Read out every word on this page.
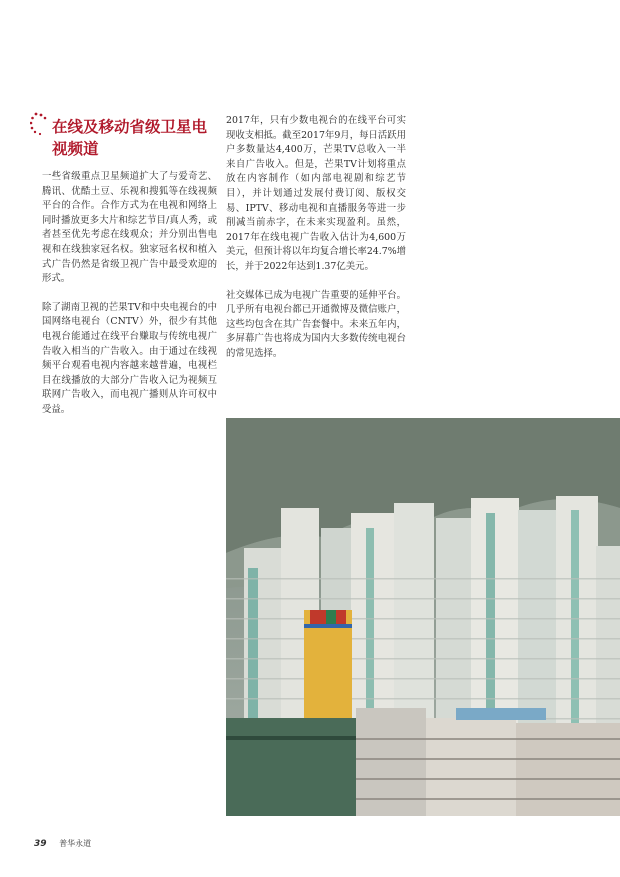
在线及移动省级卫星电视频道

一些省级重点卫星频道扩大了与爱奇艺、腾讯、优酷土豆、乐视和搜狐等在线视频平台的合作。合作方式为在电视和网络上同时播放更多大片和综艺节目/真人秀，或者甚至优先考虑在线观众；并分别出售电视和在线独家冠名权。独家冠名权和植入式广告仍然是省级卫视广告中最受欢迎的形式。

除了湖南卫视的芒果TV和中央电视台的中国网络电视台（CNTV）外，很少有其他电视台能通过在线平台赚取与传统电视广告收入相当的广告收入。由于通过在线视频平台观看电视内容越来越普遍，电视栏目在线播放的大部分广告收入记为视频互联网广告收入，而电视广播则从许可权中受益。

2017年，只有少数电视台的在线平台可实现收支相抵。截至2017年9月，每日活跃用户多数量达4,400万，芒果TV总收入一半来自广告收入。但是，芒果TV计划将重点放在内容制作（如内部电视剧和综艺节目），并计划通过发展付费订阅、版权交易、IPTV、移动电视和直播服务等进一步削减当前赤字，在未来实现盈利。虽然，2017年在线电视广告收入估计为4,600万美元，但预计将以年均复合增长率24.7%增长，并于2022年达到1.37亿美元。

社交媒体已成为电视广告重要的延伸平台。几乎所有电视台都已开通微博及微信账户，这些均包含在其广告套餐中。未来五年内，多屏幕广告也将成为国内大多数传统电视台的常见选择。

39 普华永道
